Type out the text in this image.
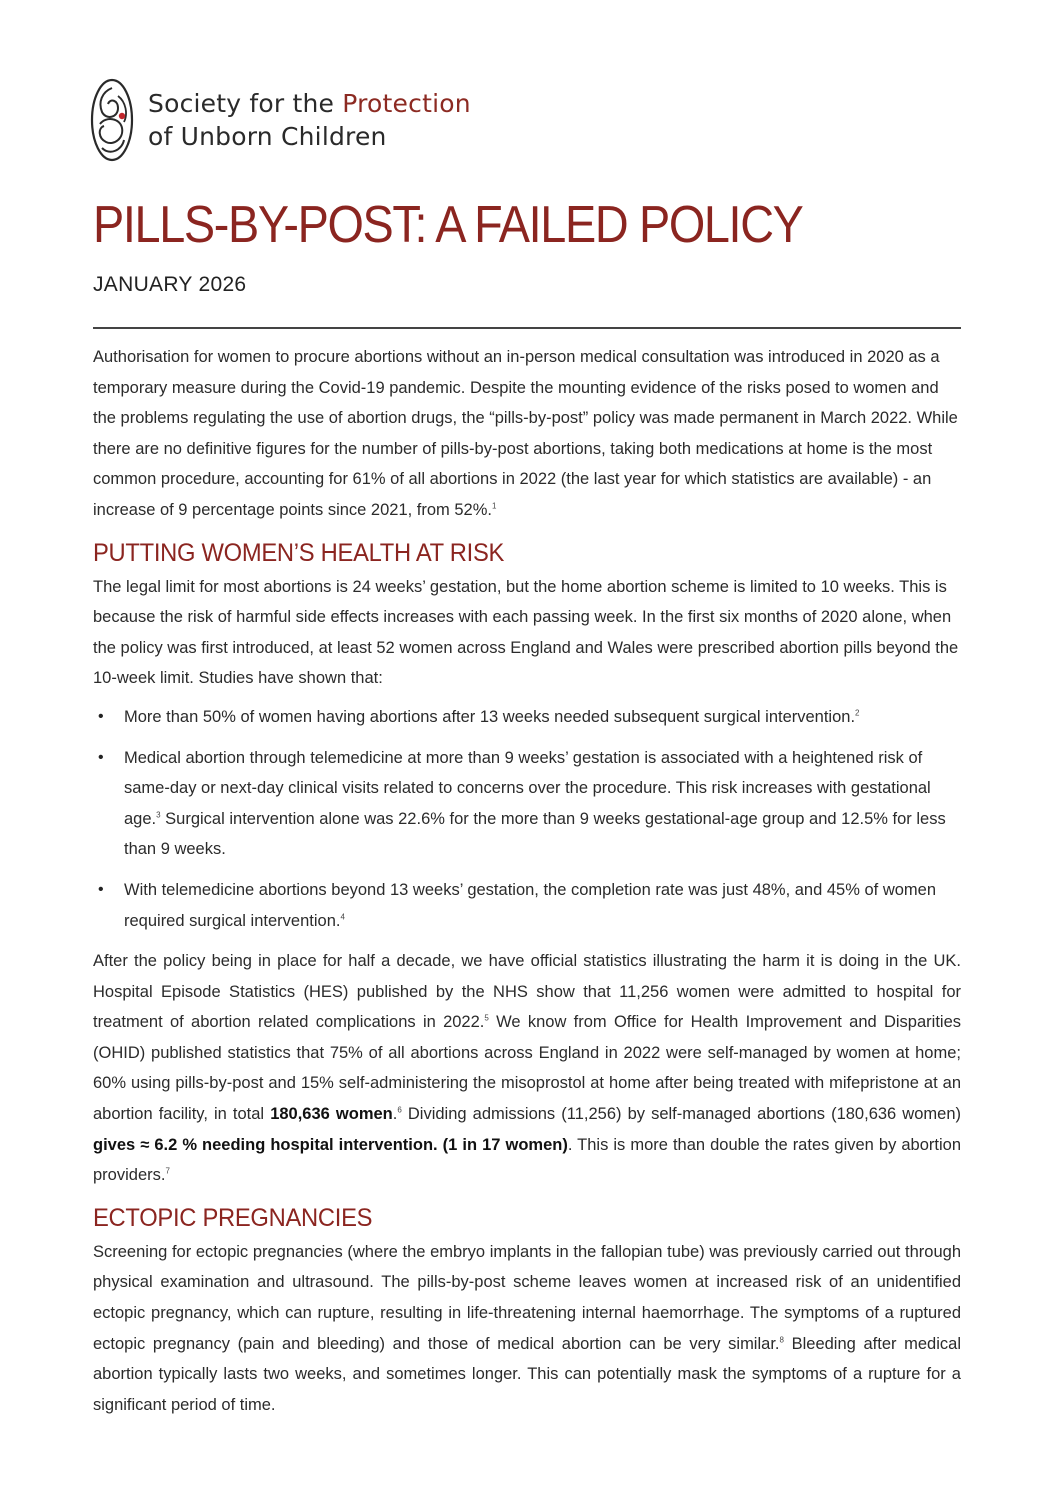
Society for the Protection
of Unborn Children
PILLS-BY-POST: A FAILED POLICY
JANUARY 2026

Authorisation for women to procure abortions without an in-person medical consultation was introduced in 2020 as a temporary measure during the Covid-19 pandemic. Despite the mounting evidence of the risks posed to women and the problems regulating the use of abortion drugs, the “pills-by-post” policy was made permanent in March 2022. While there are no definitive figures for the number of pills-by-post abortions, taking both medications at home is the most common procedure, accounting for 61% of all abortions in 2022 (the last year for which statistics are available) - an increase of 9 percentage points since 2021, from 52%.$^1$

PUTTING WOMEN’S HEALTH AT RISK

The legal limit for most abortions is 24 weeks’ gestation, but the home abortion scheme is limited to 10 weeks. This is because the risk of harmful side effects increases with each passing week. In the first six months of 2020 alone, when the policy was first introduced, at least 52 women across England and Wales were prescribed abortion pills beyond the 10-week limit. Studies have shown that:

• More than 50% of women having abortions after 13 weeks needed subsequent surgical intervention.$^2$
• Medical abortion through telemedicine at more than 9 weeks’ gestation is associated with a heightened risk of same-day or next-day clinical visits related to concerns over the procedure. This risk increases with gestational age.$^3$ Surgical intervention alone was 22.6% for the more than 9 weeks gestational-age group and 12.5% for less than 9 weeks.
• With telemedicine abortions beyond 13 weeks’ gestation, the completion rate was just 48%, and 45% of women required surgical intervention.$^4$

After the policy being in place for half a decade, we have official statistics illustrating the harm it is doing in the UK. Hospital Episode Statistics (HES) published by the NHS show that 11,256 women were admitted to hospital for treatment of abortion related complications in 2022.$^5$ We know from Office for Health Improvement and Disparities (OHID) published statistics that 75% of all abortions across England in 2022 were self-managed by women at home; 60% using pills-by-post and 15% self-administering the misoprostol at home after being treated with mifepristone at an abortion facility, in total 180,636 women.$^6$ Dividing admissions (11,256) by self-managed abortions (180,636 women) gives ≈ 6.2 % needing hospital intervention. (1 in 17 women). This is more than double the rates given by abortion providers.$^7$

ECTOPIC PREGNANCIES

Screening for ectopic pregnancies (where the embryo implants in the fallopian tube) was previously carried out through physical examination and ultrasound. The pills-by-post scheme leaves women at increased risk of an unidentified ectopic pregnancy, which can rupture, resulting in life-threatening internal haemorrhage. The symptoms of a ruptured ectopic pregnancy (pain and bleeding) and those of medical abortion can be very similar.$^8$ Bleeding after medical abortion typically lasts two weeks, and sometimes longer. This can potentially mask the symptoms of a rupture for a significant period of time.
